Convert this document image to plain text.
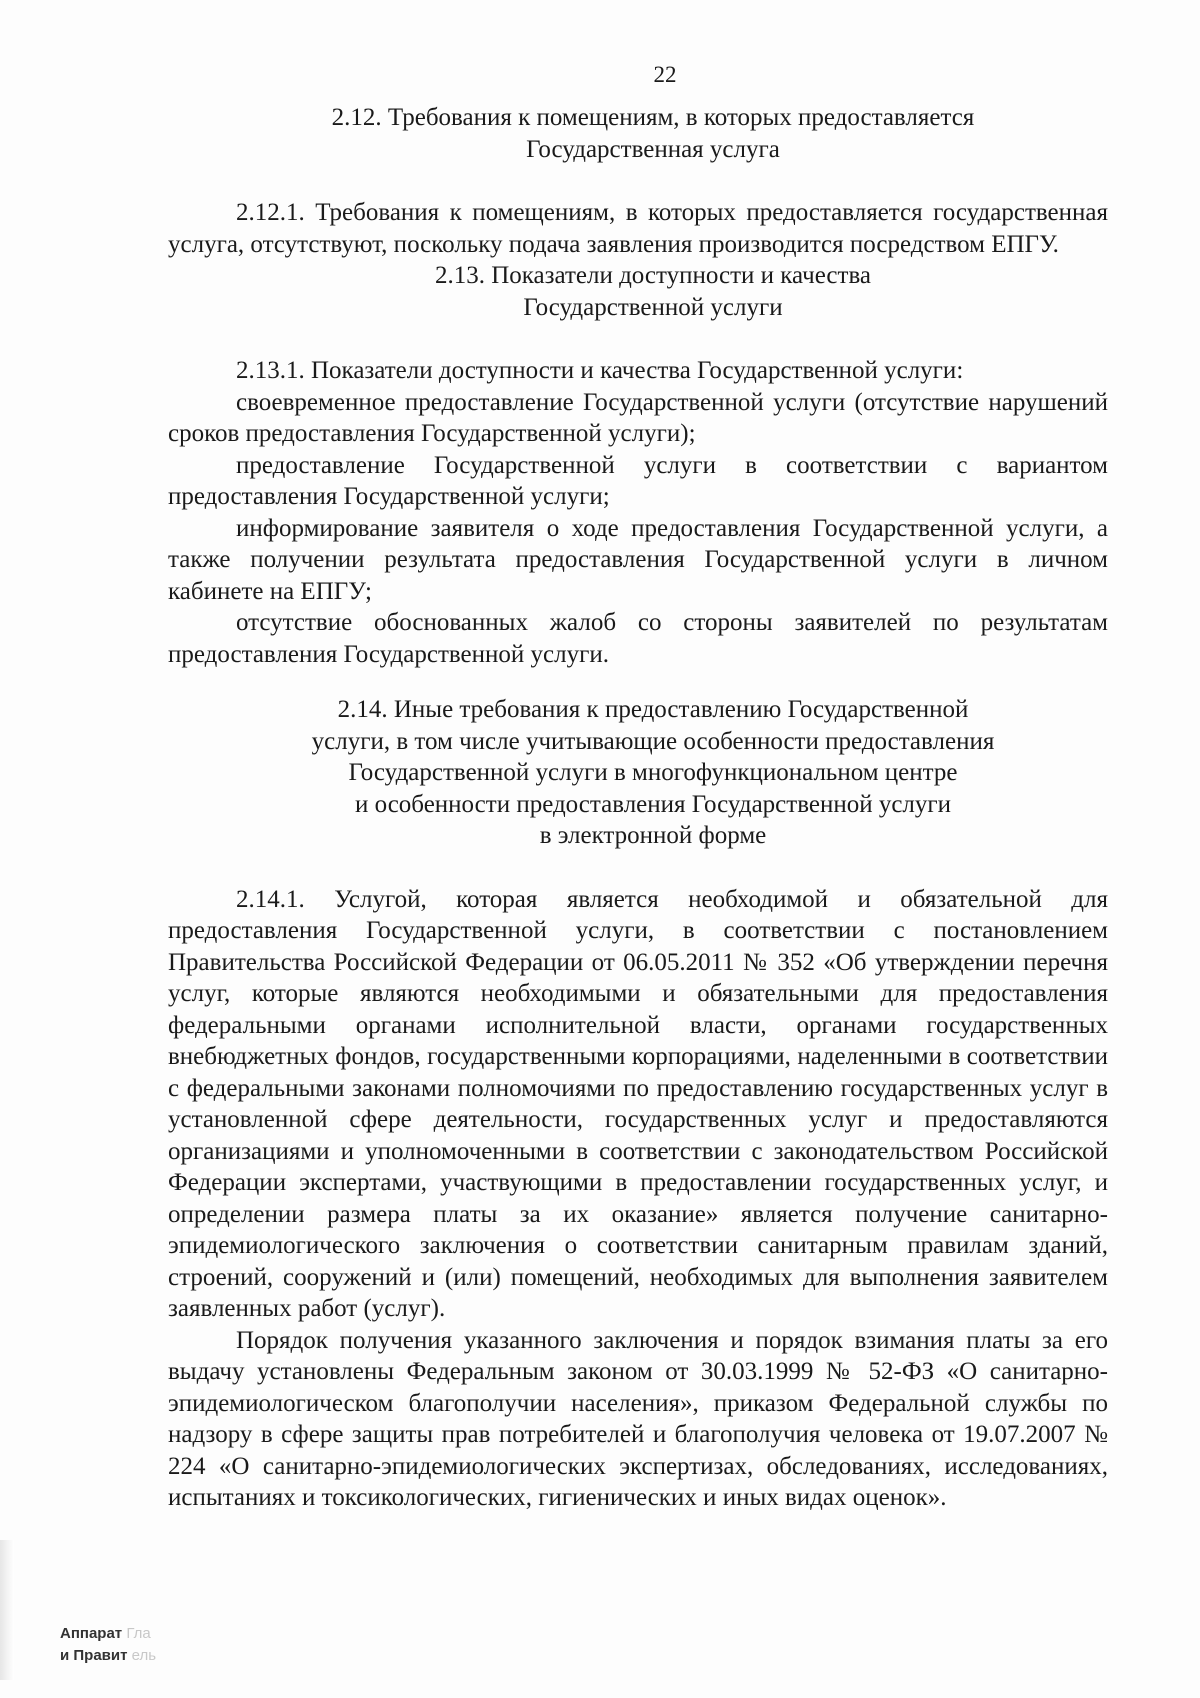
22
2.12. Требования к помещениям, в которых предоставляется
Государственная услуга

2.12.1. Требования к помещениям, в которых предоставляется государственная услуга, отсутствуют, поскольку подача заявления производится посредством ЕПГУ.

2.13. Показатели доступности и качества
Государственной услуги

2.13.1. Показатели доступности и качества Государственной услуги:

своевременное предоставление Государственной услуги (отсутствие нарушений сроков предоставления Государственной услуги);

предоставление Государственной услуги в соответствии с вариантом предоставления Государственной услуги;

информирование заявителя о ходе предоставления Государственной услуги, а также получении результата предоставления Государственной услуги в личном кабинете на ЕПГУ;

отсутствие обоснованных жалоб со стороны заявителей по результатам предоставления Государственной услуги.

2.14. Иные требования к предоставлению Государственной
услуги, в том числе учитывающие особенности предоставления
Государственной услуги в многофункциональном центре
и особенности предоставления Государственной услуги
в электронной форме

2.14.1. Услугой, которая является необходимой и обязательной для предоставления Государственной услуги, в соответствии с постановлением Правительства Российской Федерации от 06.05.2011 № 352 «Об утверждении перечня услуг, которые являются необходимыми и обязательными для предоставления федеральными органами исполнительной власти, органами государственных внебюджетных фондов, государственными корпорациями, наделенными в соответствии с федеральными законами полномочиями по предоставлению государственных услуг в установленной сфере деятельности, государственных услуг и предоставляются организациями и уполномоченными в соответствии с законодательством Российской Федерации экспертами, участвующими в предоставлении государственных услуг, и определении размера платы за их оказание» является получение санитарно-эпидемиологического заключения о соответствии санитарным правилам зданий, строений, сооружений и (или) помещений, необходимых для выполнения заявителем заявленных работ (услуг).

Порядок получения указанного заключения и порядок взимания платы за его выдачу установлены Федеральным законом от 30.03.1999 № 52-ФЗ «О санитарно-эпидемиологическом благополучии населения», приказом Федеральной службы по надзору в сфере защиты прав потребителей и благополучия человека от 19.07.2007 № 224 «О санитарно-эпидемиологических экспертизах, обследованиях, исследованиях, испытаниях и токсикологических, гигиенических и иных видах оценок».

Аппарат Гла
и Правит ель
